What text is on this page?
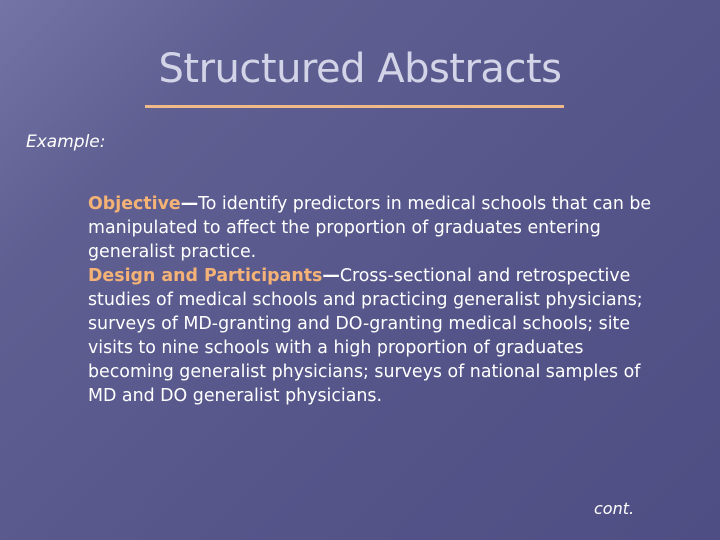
Structured Abstracts
Example:

Objective—To identify predictors in medical schools that can be manipulated to affect the proportion of graduates entering generalist practice.

Design and Participants—Cross-sectional and retrospective studies of medical schools and practicing generalist physicians; surveys of MD-granting and DO-granting medical schools; site visits to nine schools with a high proportion of graduates becoming generalist physicians; surveys of national samples of MD and DO generalist physicians.

cont.
